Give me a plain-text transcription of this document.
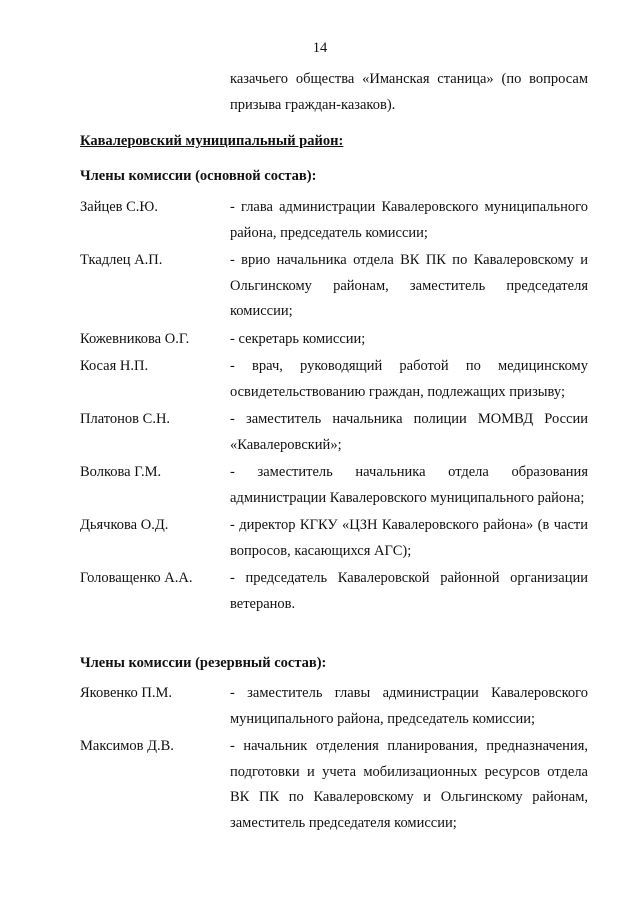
14
казачьего общества «Иманская станица» (по вопросам призыва граждан-казаков).
Кавалеровский муниципальный район:
Члены комиссии (основной состав):
Зайцев С.Ю.	- глава администрации Кавалеровского муниципального района, председатель комиссии;
Ткадлец А.П.	- врио начальника отдела ВК ПК по Кавалеровскому и Ольгинскому районам, заместитель председателя комиссии;
Кожевникова О.Г.	- секретарь комиссии;
Косая Н.П.	- врач, руководящий работой по медицинскому освидетельствованию граждан, подлежащих призыву;
Платонов С.Н.	- заместитель начальника полиции МОМВД России «Кавалеровский»;
Волкова Г.М.	- заместитель начальника отдела образования администрации Кавалеровского муниципального района;
Дьячкова О.Д.	- директор КГКУ «ЦЗН Кавалеровского района» (в части вопросов, касающихся АГС);
Головащенко А.А.	- председатель Кавалеровской районной организации ветеранов.
Члены комиссии (резервный состав):
Яковенко П.М.	- заместитель главы администрации Кавалеровского муниципального района, председатель комиссии;
Максимов Д.В.	- начальник отделения планирования, предназначения, подготовки и учета мобилизационных ресурсов отдела ВК ПК по Кавалеровскому и Ольгинскому районам, заместитель председателя комиссии;
